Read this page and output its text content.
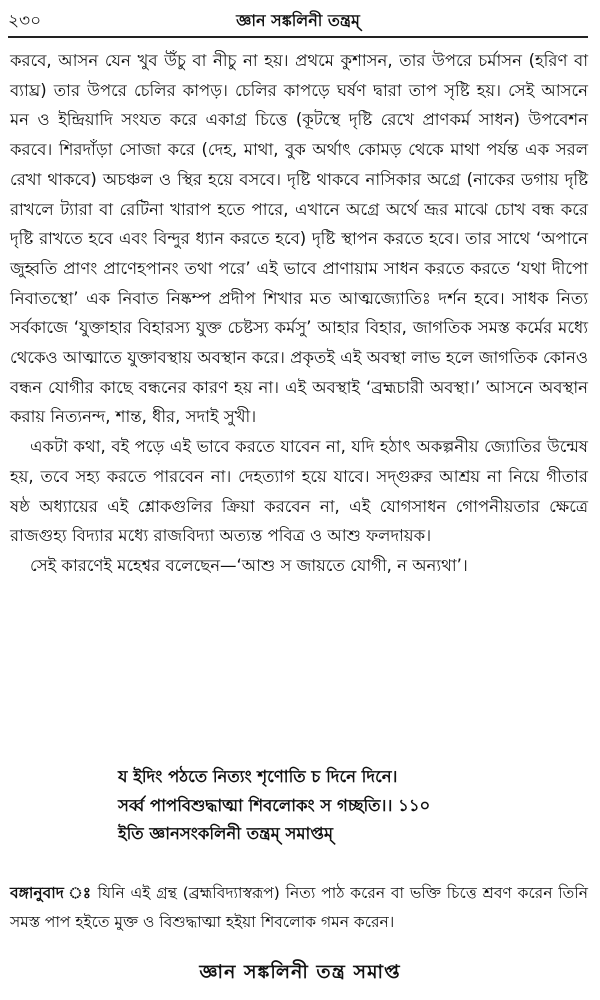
২৩০	জ্ঞান সঙ্কলিনী তন্ত্রম্

করবে, আসন যেন খুব উঁচু বা নীচু না হয়। প্রথমে কুশাসন, তার উপরে চর্মাসন (হরিণ বা ব্যাঘ্র) তার উপরে চেলির কাপড়। চেলির কাপড়ে ঘর্ষণ দ্বারা তাপ সৃষ্টি হয়। সেই আসনে মন ও ইন্দ্রিয়াদি সংযত করে একাগ্র চিত্তে (কূটস্থে দৃষ্টি রেখে প্রাণকর্ম সাধন) উপবেশন করবে। শিরদাঁড়া সোজা করে (দেহ, মাথা, বুক অর্থাৎ কোমড় থেকে মাথা পর্যন্ত এক সরল রেখা থাকবে) অচঞ্চল ও স্থির হয়ে বসবে। দৃষ্টি থাকবে নাসিকার অগ্রে (নাকের ডগায় দৃষ্টি রাখলে ট্যারা বা রেটিনা খারাপ হতে পারে, এখানে অগ্রে অর্থে ভ্রূর মাঝে চোখ বন্ধ করে দৃষ্টি রাখতে হবে এবং বিন্দুর ধ্যান করতে হবে) দৃষ্টি স্থাপন করতে হবে। তার সাথে ‘অপানে জুহ্বতি প্রাণং প্রাণেহপানং তথা পরে’ এই ভাবে প্রাণায়াম সাধন করতে করতে ‘যথা দীপো নিবাতস্থো’ এক নিবাত নিষ্কম্প প্রদীপ শিখার মত আত্মজ্যোতিঃ দর্শন হবে। সাধক নিত্য সর্বকাজে ‘যুক্তাহার বিহারস্য যুক্ত চেষ্টস্য কর্মসু’ আহার বিহার, জাগতিক সমস্ত কর্মের মধ্যে থেকেও আত্মাতে যুক্তাবস্থায় অবস্থান করে। প্রকৃতই এই অবস্থা লাভ হলে জাগতিক কোনও বন্ধন যোগীর কাছে বন্ধনের কারণ হয় না। এই অবস্থাই ‘ব্রহ্মচারী অবস্থা।’ আসনে অবস্থান করায় নিত্যনন্দ, শান্ত, ধীর, সদাই সুখী।

একটা কথা, বই পড়ে এই ভাবে করতে যাবেন না, যদি হঠাৎ অকল্পনীয় জ্যোতির উন্মেষ হয়, তবে সহ্য করতে পারবেন না। দেহত্যাগ হয়ে যাবে। সদ্গুরুর আশ্রয় না নিয়ে গীতার ষষ্ঠ অধ্যায়ের এই শ্লোকগুলির ক্রিয়া করবেন না, এই যোগসাধন গোপনীয়তার ক্ষেত্রে রাজগুহ্য বিদ্যার মধ্যে রাজবিদ্যা অত্যন্ত পবিত্র ও আশু ফলদায়ক।

সেই কারণেই মহেশ্বর বলেছেন—‘আশু স জায়তে যোগী, ন অন্যথা’।

য ইদিং পঠতে নিত্যং শৃণোতি চ দিনে দিনে।
সর্ব্ব পাপবিশুদ্ধাত্মা শিবলোকং স গচ্ছতি।। ১১০
ইতি জ্ঞানসংকলিনী তন্ত্রম্ সমাপ্তম্
বঙ্গানুবাদ ঃ যিনি এই গ্রন্থ (ব্রহ্মবিদ্যাস্বরূপ) নিত্য পাঠ করেন বা ভক্তি চিত্তে শ্রবণ করেন তিনি সমস্ত পাপ হইতে মুক্ত ও বিশুদ্ধাত্মা হইয়া শিবলোক গমন করেন।
জ্ঞান সঙ্কলিনী তন্ত্র সমাপ্ত
